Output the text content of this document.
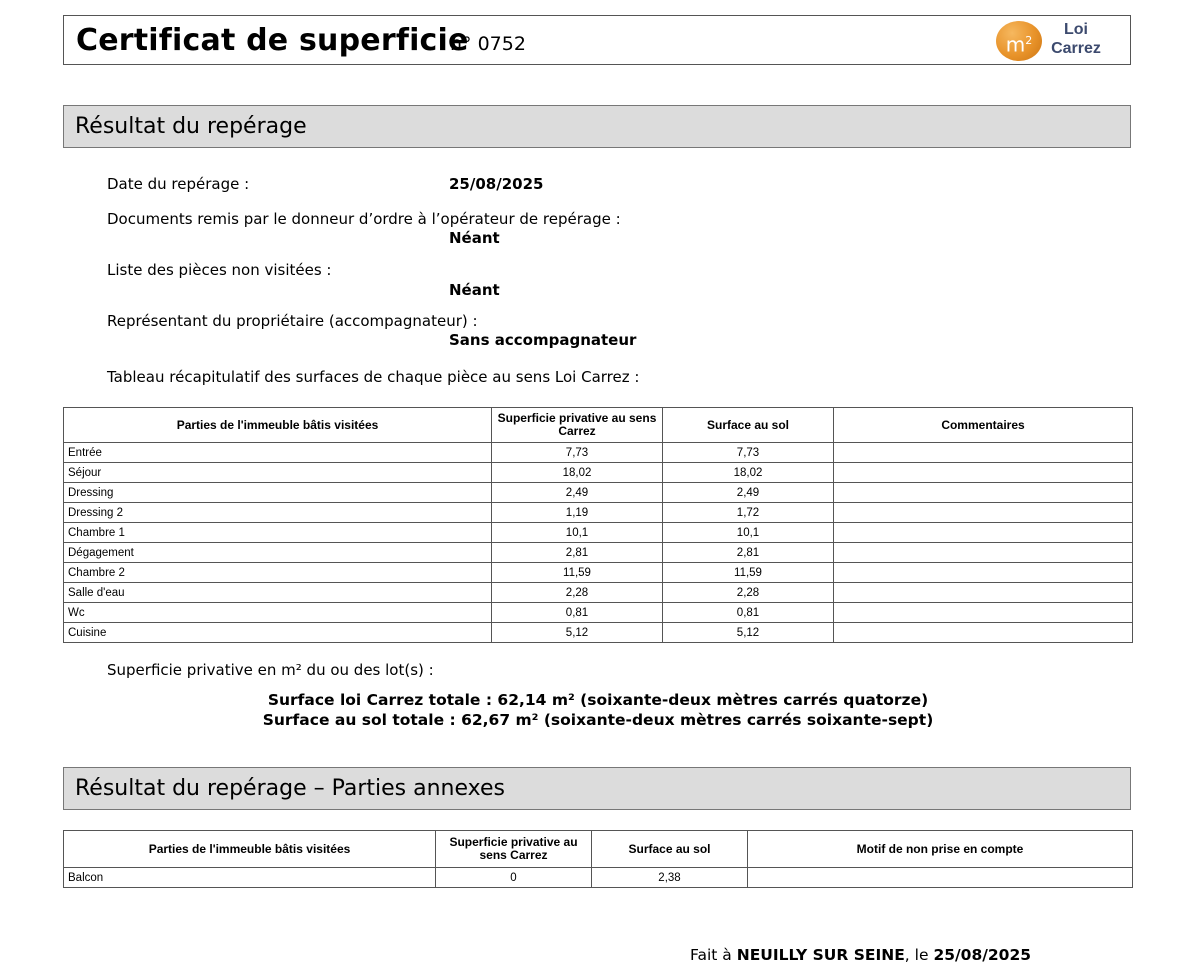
Certificat de superficie
n° 0752	$m^2$
Loi
Carrez
Résultat du repérage
Date du repérage :	25/08/2025
Documents remis par le donneur d’ordre à l’opérateur de repérage :
Néant
Liste des pièces non visitées :
Néant
Représentant du propriétaire (accompagnateur) :
Sans accompagnateur
Tableau récapitulatif des surfaces de chaque pièce au sens Loi Carrez :
Parties de l'immeuble bâtis visitées	Superficie privative au sens Carrez	Surface au sol	Commentaires
Entrée	7,73	7,73	
Séjour	18,02	18,02	
Dressing	2,49	2,49	
Dressing 2	1,19	1,72	
Chambre 1	10,1	10,1	
Dégagement	2,81	2,81	
Chambre 2	11,59	11,59	
Salle d'eau	2,28	2,28	
Wc	0,81	0,81	
Cuisine	5,12	5,12	
Superficie privative en m² du ou des lot(s) :
Surface loi Carrez totale : 62,14 m² (soixante-deux mètres carrés quatorze)
Surface au sol totale : 62,67 m² (soixante-deux mètres carrés soixante-sept)
Résultat du repérage – Parties annexes
Parties de l'immeuble bâtis visitées	Superficie privative au sens Carrez	Surface au sol	Motif de non prise en compte
Balcon	0	2,38	
Fait à NEUILLY SUR SEINE, le 25/08/2025
